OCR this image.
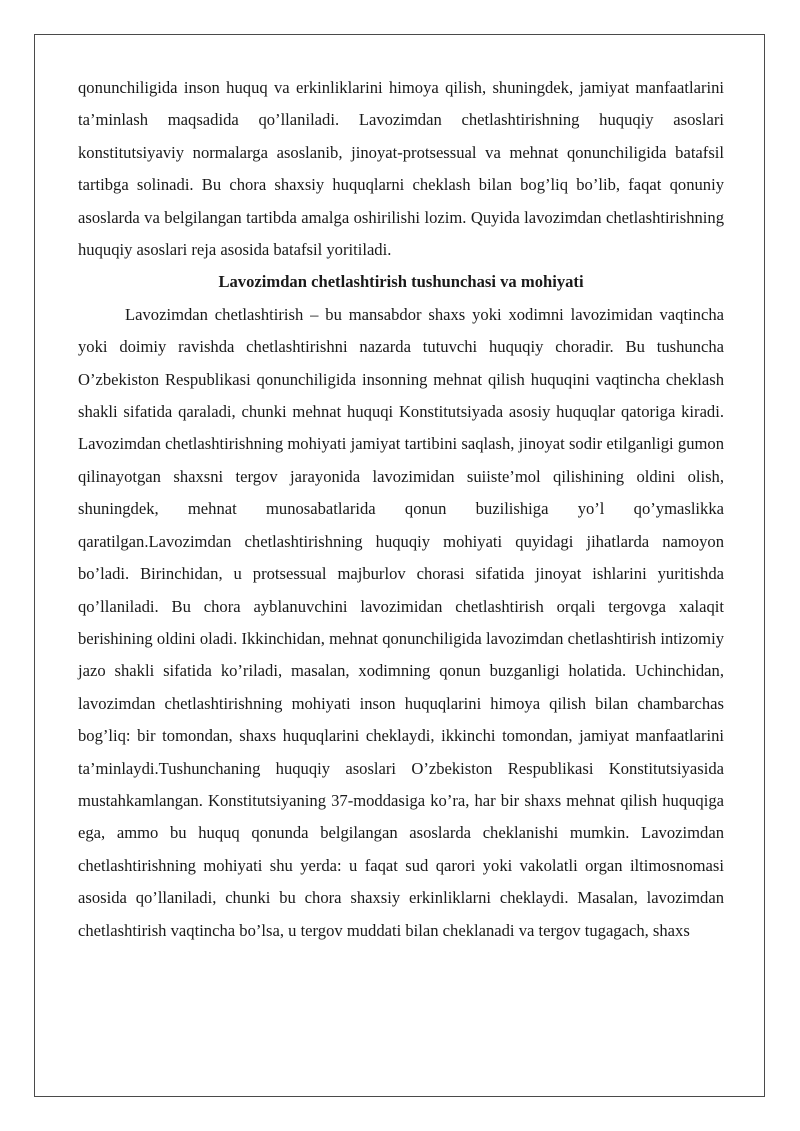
qonunchiligida inson huquq va erkinliklarini himoya qilish, shuningdek, jamiyat manfaatlarini ta’minlash maqsadida qo’llaniladi. Lavozimdan chetlashtirishning huquqiy asoslari konstitutsiyaviy normalarga asoslanib, jinoyat-protsessual va mehnat qonunchiligida batafsil tartibga solinadi. Bu chora shaxsiy huquqlarni cheklash bilan bog’liq bo’lib, faqat qonuniy asoslarda va belgilangan tartibda amalga oshirilishi lozim. Quyida lavozimdan chetlashtirishning huquqiy asoslari reja asosida batafsil yoritiladi.

Lavozimdan chetlashtirish tushunchasi va mohiyati

Lavozimdan chetlashtirish – bu mansabdor shaxs yoki xodimni lavozimidan vaqtincha yoki doimiy ravishda chetlashtirishni nazarda tutuvchi huquqiy choradir. Bu tushuncha O’zbekiston Respublikasi qonunchiligida insonning mehnat qilish huquqini vaqtincha cheklash shakli sifatida qaraladi, chunki mehnat huquqi Konstitutsiyada asosiy huquqlar qatoriga kiradi. Lavozimdan chetlashtirishning mohiyati jamiyat tartibini saqlash, jinoyat sodir etilganligi gumon qilinayotgan shaxsni tergov jarayonida lavozimidan suiiste’mol qilishining oldini olish, shuningdek, mehnat munosabatlarida qonun buzilishiga yo’l qo’ymaslikka qaratilgan.Lavozimdan chetlashtirishning huquqiy mohiyati quyidagi jihatlarda namoyon bo’ladi. Birinchidan, u protsessual majburlov chorasi sifatida jinoyat ishlarini yuritishda qo’llaniladi. Bu chora ayblanuvchini lavozimidan chetlashtirish orqali tergovga xalaqit berishining oldini oladi. Ikkinchidan, mehnat qonunchiligida lavozimdan chetlashtirish intizomiy jazo shakli sifatida ko’riladi, masalan, xodimning qonun buzganligi holatida. Uchinchidan, lavozimdan chetlashtirishning mohiyati inson huquqlarini himoya qilish bilan chambarchas bog’liq: bir tomondan, shaxs huquqlarini cheklaydi, ikkinchi tomondan, jamiyat manfaatlarini ta’minlaydi.Tushunchaning huquqiy asoslari O’zbekiston Respublikasi Konstitutsiyasida mustahkamlangan. Konstitutsiyaning 37-moddasiga ko’ra, har bir shaxs mehnat qilish huquqiga ega, ammo bu huquq qonunda belgilangan asoslarda cheklanishi mumkin. Lavozimdan chetlashtirishning mohiyati shu yerda: u faqat sud qarori yoki vakolatli organ iltimosnomasi asosida qo’llaniladi, chunki bu chora shaxsiy erkinliklarni cheklaydi. Masalan, lavozimdan chetlashtirish vaqtincha bo’lsa, u tergov muddati bilan cheklanadi va tergov tugagach, shaxs
